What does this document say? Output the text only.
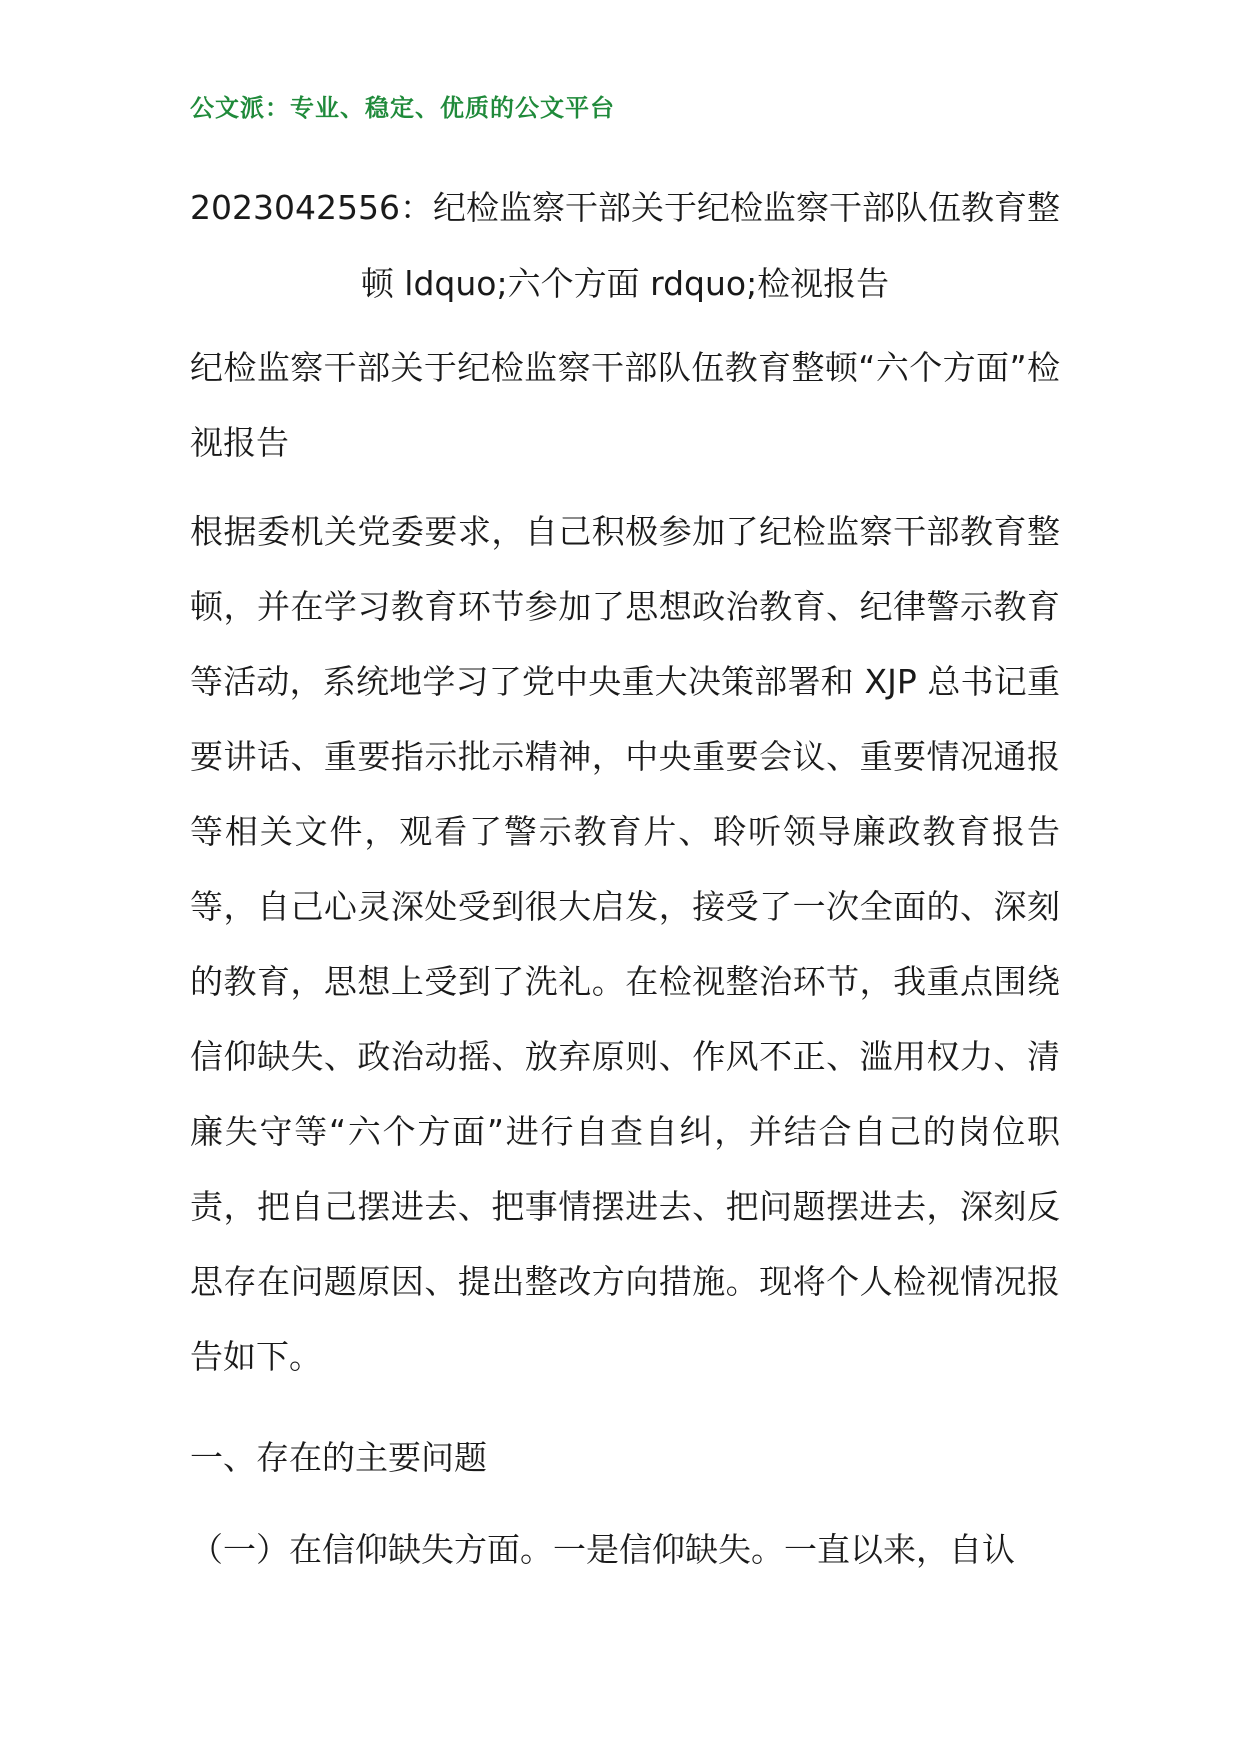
公文派：专业、稳定、优质的公文平台
2023042556：纪检监察干部关于纪检监察干部队伍教育整顿 ldquo;六个方面 rdquo;检视报告

纪检监察干部关于纪检监察干部队伍教育整顿“六个方面”检视报告

根据委机关党委要求，自己积极参加了纪检监察干部教育整顿，并在学习教育环节参加了思想政治教育、纪律警示教育等活动，系统地学习了党中央重大决策部署和 XJP 总书记重要讲话、重要指示批示精神，中央重要会议、重要情况通报等相关文件，观看了警示教育片、聆听领导廉政教育报告等，自己心灵深处受到很大启发，接受了一次全面的、深刻的教育，思想上受到了洗礼。在检视整治环节，我重点围绕信仰缺失、政治动摇、放弃原则、作风不正、滥用权力、清廉失守等“六个方面”进行自查自纠，并结合自己的岗位职责，把自己摆进去、把事情摆进去、把问题摆进去，深刻反思存在问题原因、提出整改方向措施。现将个人检视情况报告如下。

一、存在的主要问题

（一）在信仰缺失方面。一是信仰缺失。一直以来，自认
